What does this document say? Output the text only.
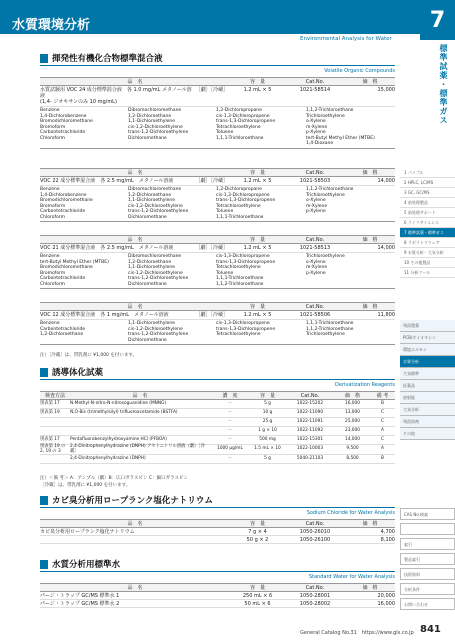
水質環境分析
Environmental Analysis for Water
7
標準試薬・標準ガス
揮発性有機化合物標準混合液
Volatile Organic Compounds
品　名	容　量	Cat.No.	価　格
水質試験用 VOC 24 成分標準混合液　各 1.0 mg/mL メタノール溶液
(1,4- ジオキサンのみ 10 mg/mL)
［劇］［冷蔵］	1.2 mL × 5	1021-58514	15,000
Benzene	Dibromochloromethane	1,2-Dichloropropane	1,1,2-Trichloroethane
1,4-Dichlorobenzene	1,2-Dichloroethane	cis-1,3-Dichloropropene	Trichloroethylene
Bromodichloromethane	1,1-Dichloroethylene	trans-1,3-Dichloropropene	o-Xylene
Bromoform	cis-1,2-Dichloroethylene	Tetrachloroethylene	m-Xylene
Carbontetrachloride	trans-1,2-Dichloroethylene	Toluene	p-Xylene
Chloroform	Dichloromethane	1,1,1-Trichloroethane	tert-Butyl Methyl Ether (MTBE)
1,4-Dioxane
品　名	容　量	Cat.No.	価　格
VOC 22 成分標準混合液　各 2.5 mg/mL　メタノール溶液	［劇］［冷蔵］	1.2 mL × 5	1021-58503	14,000
Benzene	Dibromochloromethane	1,2-Dichloropropane	1,1,2-Trichloroethane
1,4-Dichlorobenzene	1,2-Dichloroethane	cis-1,3-Dichloropropene	Trichloroethylene
Bromodichloromethane	1,1-Dichloroethylene	trans-1,3-Dichloropropene	o-Xylene
Bromoform	cis-1,2-Dichloroethylene	Tetrachloroethylene	m-Xylene
Carbontetrachloride	trans-1,2-Dichloroethylene	Toluene	p-Xylene
Chloroform	Dichloromethane	1,1,1-Trichloroethane
品　名	容　量	Cat.No.	価　格
VOC 21 成分標準混合液　各 2.5 mg/mL　メタノール溶液	［劇］［冷蔵］	1.2 mL × 5	1021-58513	14,000
Benzene	Dibromochloromethane	cis-1,3-Dichloropropene	Trichloroethylene
tert-Butyl Methyl Ether (MTBE)	1,2-Dichloroethane	trans-1,3-Dichloropropene	o-Xylene
Bromodichloromethane	1,1-Dichloroethylene	Tetrachloroethylene	m-Xylene
Bromoform	cis-1,2-Dichloroethylene	Toluene	p-Xylene
Carbontetrachloride	trans-1,2-Dichloroethylene	1,1,1-Trichloroethane
Chloroform	Dichloromethane	1,1,2-Trichloroethane
品　名	容　量	Cat.No.	価　格
VOC 12 成分標準混合液　各 1 mg/mL　メタノール溶液	［劇］［冷蔵］	1.2 mL × 5	1021-58506	11,800
Benzene	1,1-Dichloroethylene	cis-1,3-Dichloropropene	1,1,1-Trichloroethane
Carbontetrachloride	cis-1,2-Dichloroethylene	trans-1,3-Dichloropropene	1,1,2-Trichloroethane
1,2-Dichloroethane	trans-1,2-Dichloroethylene	Tetrachloroethylene	Trichloroethylene
Dichloromethane
注）［冷蔵］は、帯乳剤に ¥1,000 を付います。
誘導体化試薬
Derivatization Reagents
検査方法	品　名	濃　度	容　量	Cat.No.	価　格	備 考
別表第 17	N-Methyl-N-nitro-N-nitrosoguanidine (MNNG)	－	5 g	1022-15202	16,000	B
別表第 19	N,O-Bis (trimethylsilyl) trifluoroacetamide (BSTFA)	－	10 g	1022-11090	13,000	C
－	25 g	1022-11091	25,000	C
－	1 g × 10	1022-11092	23,000	A
別表第 17	Pentafluorobenzylhydroxyamine HCl (PFBOA)	－	500 mg	1022-15301	14,000	C
別表第 19 の 2, 19 の 3
2,4-Dinitrophenylhydrazine (DNPH) アセトニトリル溶液（劇）［冷蔵］	1000 μg/mL	1.5 mL × 10	1022-10003	9,500	A
2,4-Dinitrophenylhydrazine (DNPH)	－	5 g	5040-21103	8,500	B
注）＜備 考＞ A：アンプル（劇）B：広口ガラスビン C：細口ガラスビン
［冷蔵］は、帯乳剤に ¥1,000 を付います。
カビ臭分析用ロープランク塩化ナトリウム
Sodium Chloride for Water Analysis
品　名	容　量	Cat.No.	価　格
カビ臭分析用ロープランク塩化ナトリウム	7 g × 4	1050-26010	4,700
50 g × 2	1050-26100	8,100
水質分析用標準水
Standard Water for Water Analysis
品　名	容　量	Cat.No.	価　格
パージ・トラップ GC/MS 標準水 1	250 mL × 6	1050-28001	20,000
パージ・トラップ GC/MS 標準水 2	50 mL × 6	1050-28002	16,000
1 パイプル
2 HPLC, LC/MS
3 GC, GC/MS
4 前処理製品
5 前処理サポート
6 ライフサイエンス
7 標準試薬・標準ガス
8 ラボラトリウェア
9 水質分析・大気分析
10 その他製品
11 分析ツール
残留農薬
PCB/ダイオキシン
環境ホルモン
水質分析
大気標準
医薬品
放射能
大気分析
残留溶剤
その他
CAS No.検索
分類別索引
索引
製品索引
技術資料
分析条件
お問い合わせ
General Catalog No.31　https://www.gls.co.jp 841
